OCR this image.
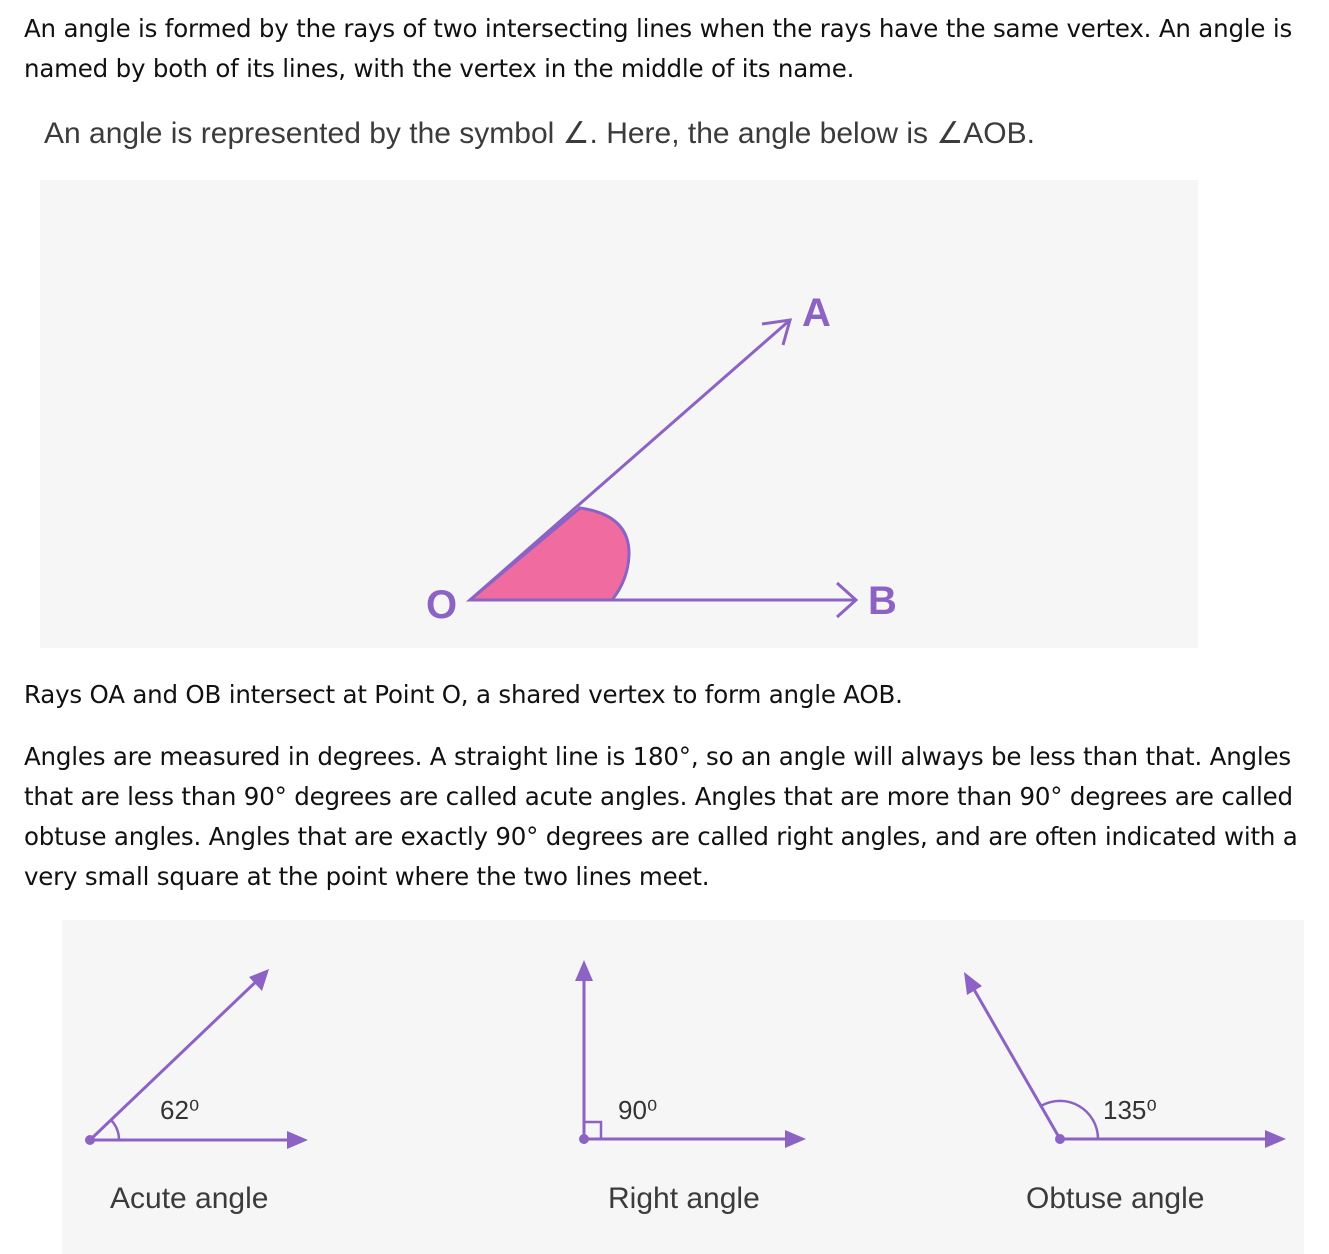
An angle is formed by the rays of two intersecting lines when the rays have the same vertex. An angle is named by both of its lines, with the vertex in the middle of its name.

An angle is represented by the symbol ∠. Here, the angle below is ∠AOB.

A
O	B

Rays OA and OB intersect at Point O, a shared vertex to form angle AOB.

Angles are measured in degrees. A straight line is 180°, so an angle will always be less than that. Angles that are less than 90° degrees are called acute angles. Angles that are more than 90° degrees are called obtuse angles. Angles that are exactly 90° degrees are called right angles, and are often indicated with a very small square at the point where the two lines meet.

62⁰
Acute angle
90⁰
Right angle
135⁰
Obtuse angle
